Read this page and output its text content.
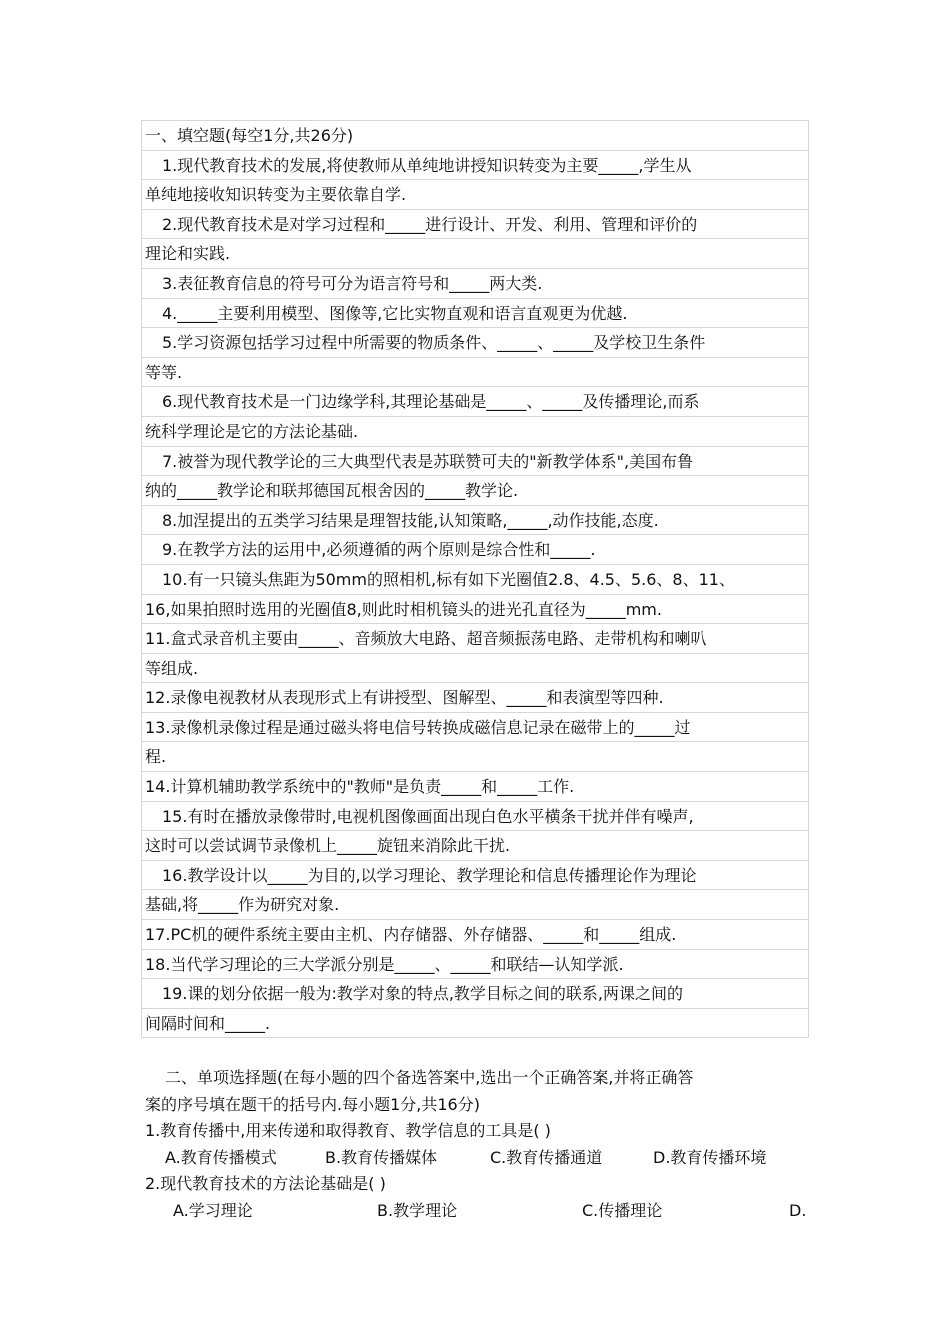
一、填空题(每空1分,共26分)
1.现代教育技术的发展,将使教师从单纯地讲授知识转变为主要_____,学生从
单纯地接收知识转变为主要依靠自学.
2.现代教育技术是对学习过程和_____进行设计、开发、利用、管理和评价的
理论和实践.
3.表征教育信息的符号可分为语言符号和_____两大类.
4._____主要利用模型、图像等,它比实物直观和语言直观更为优越.
5.学习资源包括学习过程中所需要的物质条件、_____、_____及学校卫生条件
等等.
6.现代教育技术是一门边缘学科,其理论基础是_____、_____及传播理论,而系
统科学理论是它的方法论基础.
7.被誉为现代教学论的三大典型代表是苏联赞可夫的"新教学体系",美国布鲁
纳的_____教学论和联邦德国瓦根舍因的_____教学论.
8.加涅提出的五类学习结果是理智技能,认知策略,_____,动作技能,态度.
9.在教学方法的运用中,必须遵循的两个原则是综合性和_____.
10.有一只镜头焦距为50mm的照相机,标有如下光圈值2.8、4.5、5.6、8、11、
16,如果拍照时选用的光圈值8,则此时相机镜头的进光孔直径为_____mm.
11.盒式录音机主要由_____、音频放大电路、超音频振荡电路、走带机构和喇叭
等组成.
12.录像电视教材从表现形式上有讲授型、图解型、_____和表演型等四种.
13.录像机录像过程是通过磁头将电信号转换成磁信息记录在磁带上的_____过
程.
14.计算机辅助教学系统中的"教师"是负责_____和_____工作.
15.有时在播放录像带时,电视机图像画面出现白色水平横条干扰并伴有噪声,
这时可以尝试调节录像机上_____旋钮来消除此干扰.
16.教学设计以_____为目的,以学习理论、教学理论和信息传播理论作为理论
基础,将_____作为研究对象.
17.PC机的硬件系统主要由主机、内存储器、外存储器、_____和_____组成.
18.当代学习理论的三大学派分别是_____、_____和联结—认知学派.
19.课的划分依据一般为:教学对象的特点,教学目标之间的联系,两课之间的
间隔时间和_____.
二、单项选择题(在每小题的四个备选答案中,选出一个正确答案,并将正确答
案的序号填在题干的括号内.每小题1分,共16分)
1.教育传播中,用来传递和取得教育、教学信息的工具是( )
A.教育传播模式	B.教育传播媒体	C.教育传播通道	D.教育传播环境
2.现代教育技术的方法论基础是( )
A.学习理论	B.教学理论	C.传播理论	D.
